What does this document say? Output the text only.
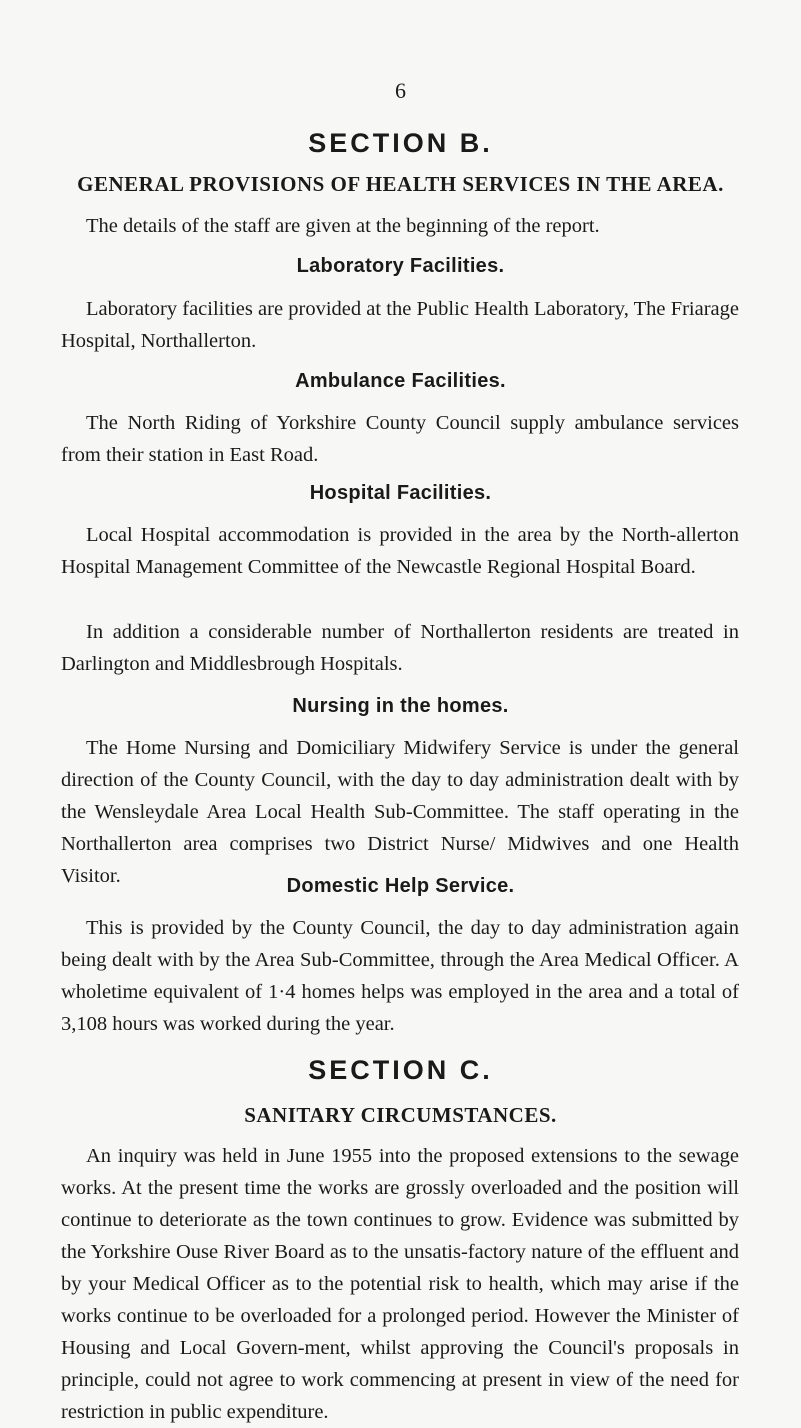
6
SECTION B.
GENERAL PROVISIONS OF HEALTH SERVICES IN THE AREA.

The details of the staff are given at the beginning of the report.

Laboratory Facilities.

Laboratory facilities are provided at the Public Health Laboratory, The Friarage Hospital, Northallerton.

Ambulance Facilities.

The North Riding of Yorkshire County Council supply ambulance services from their station in East Road.

Hospital Facilities.

Local Hospital accommodation is provided in the area by the North-allerton Hospital Management Committee of the Newcastle Regional Hospital Board.

In addition a considerable number of Northallerton residents are treated in Darlington and Middlesbrough Hospitals.

Nursing in the homes.

The Home Nursing and Domiciliary Midwifery Service is under the general direction of the County Council, with the day to day administration dealt with by the Wensleydale Area Local Health Sub-Committee. The staff operating in the Northallerton area comprises two District Nurse/ Midwives and one Health Visitor.	Domestic Help Service.

This is provided by the County Council, the day to day administration again being dealt with by the Area Sub-Committee, through the Area Medical Officer. A wholetime equivalent of 1·4 homes helps was employed in the area and a total of 3,108 hours was worked during the year.

SECTION C.
SANITARY CIRCUMSTANCES.

An inquiry was held in June 1955 into the proposed extensions to the sewage works. At the present time the works are grossly overloaded and the position will continue to deteriorate as the town continues to grow. Evidence was submitted by the Yorkshire Ouse River Board as to the unsatis-factory nature of the effluent and by your Medical Officer as to the potential risk to health, which may arise if the works continue to be overloaded for a prolonged period. However the Minister of Housing and Local Govern-ment, whilst approving the Council's proposals in principle, could not agree to work commencing at present in view of the need for restriction in public expenditure.
